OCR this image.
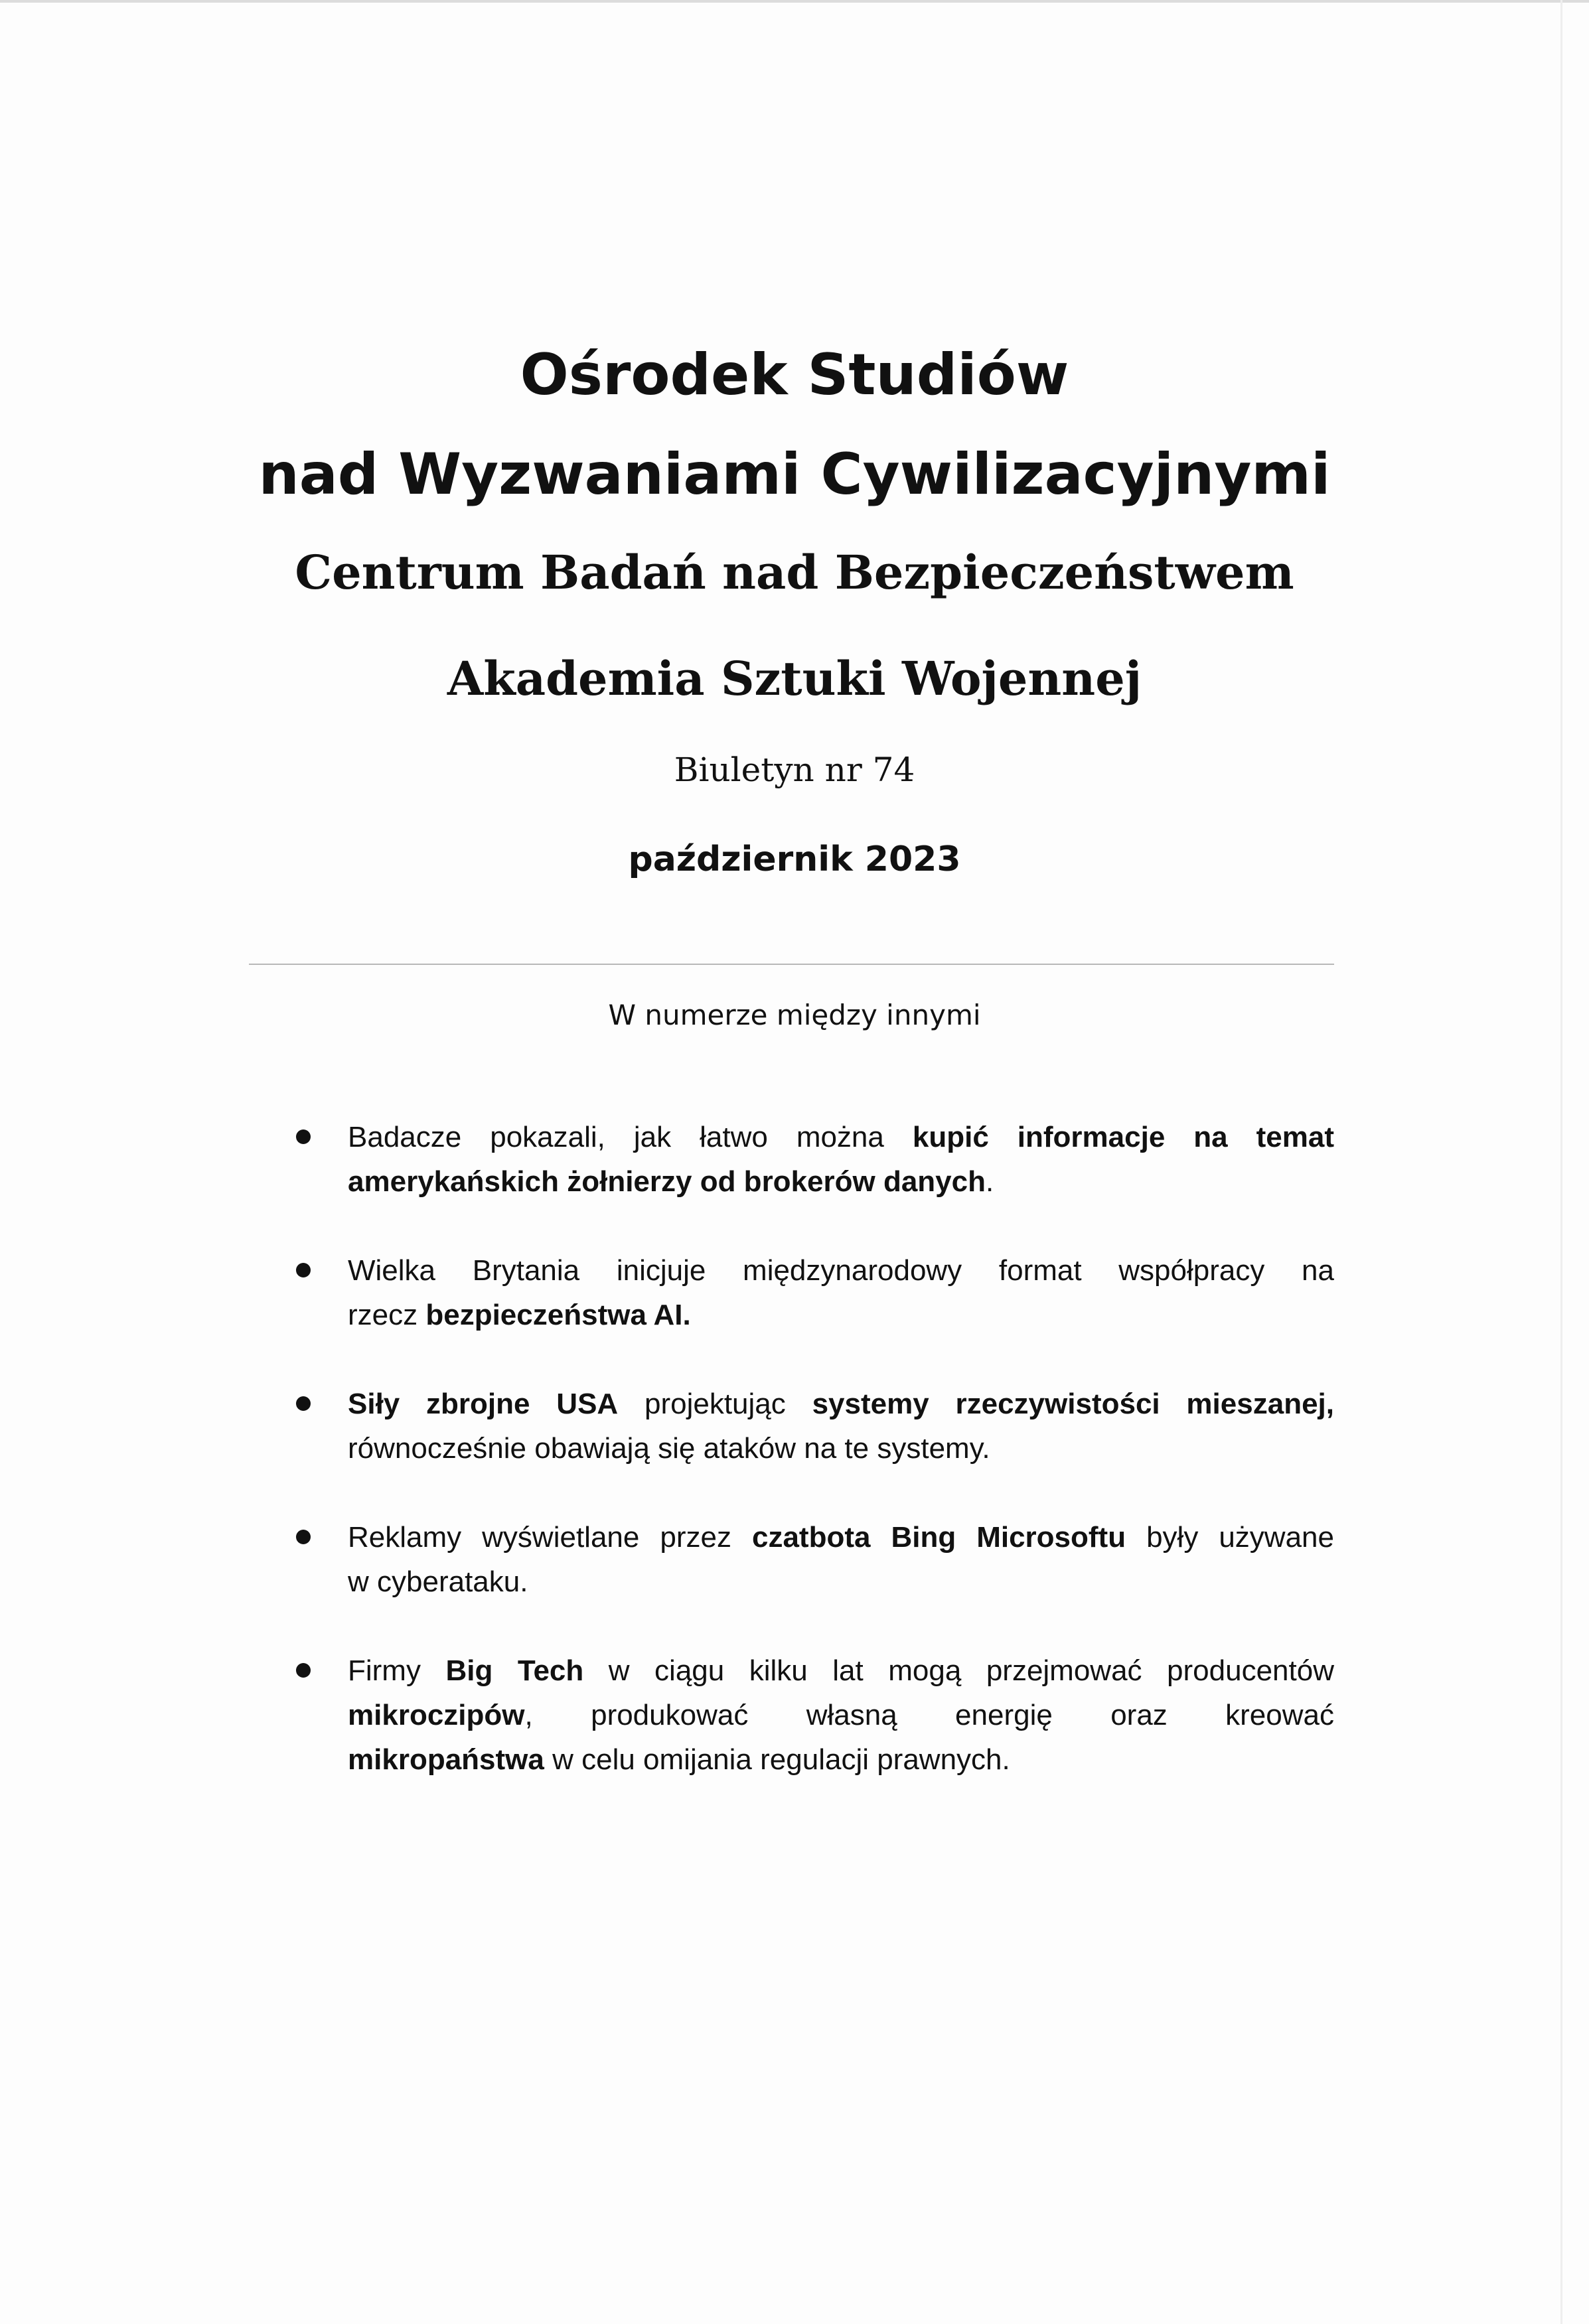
Ośrodek Studiów
nad Wyzwaniami Cywilizacyjnymi
Centrum Badań nad Bezpieczeństwem
Akademia Sztuki Wojennej
Biuletyn nr 74
październik 2023
W numerze między innymi
Badacze pokazali, jak łatwo można kupić informacje na temat
amerykańskich żołnierzy od brokerów danych.
Wielka Brytania inicjuje międzynarodowy format współpracy na
rzecz bezpieczeństwa AI.
Siły zbrojne USA projektując systemy rzeczywistości mieszanej,
równocześnie obawiają się ataków na te systemy.
Reklamy wyświetlane przez czatbota Bing Microsoftu były używane
w cyberataku.
Firmy Big Tech w ciągu kilku lat mogą przejmować producentów
mikroczipów, produkować własną energię oraz kreować
mikropaństwa w celu omijania regulacji prawnych.
